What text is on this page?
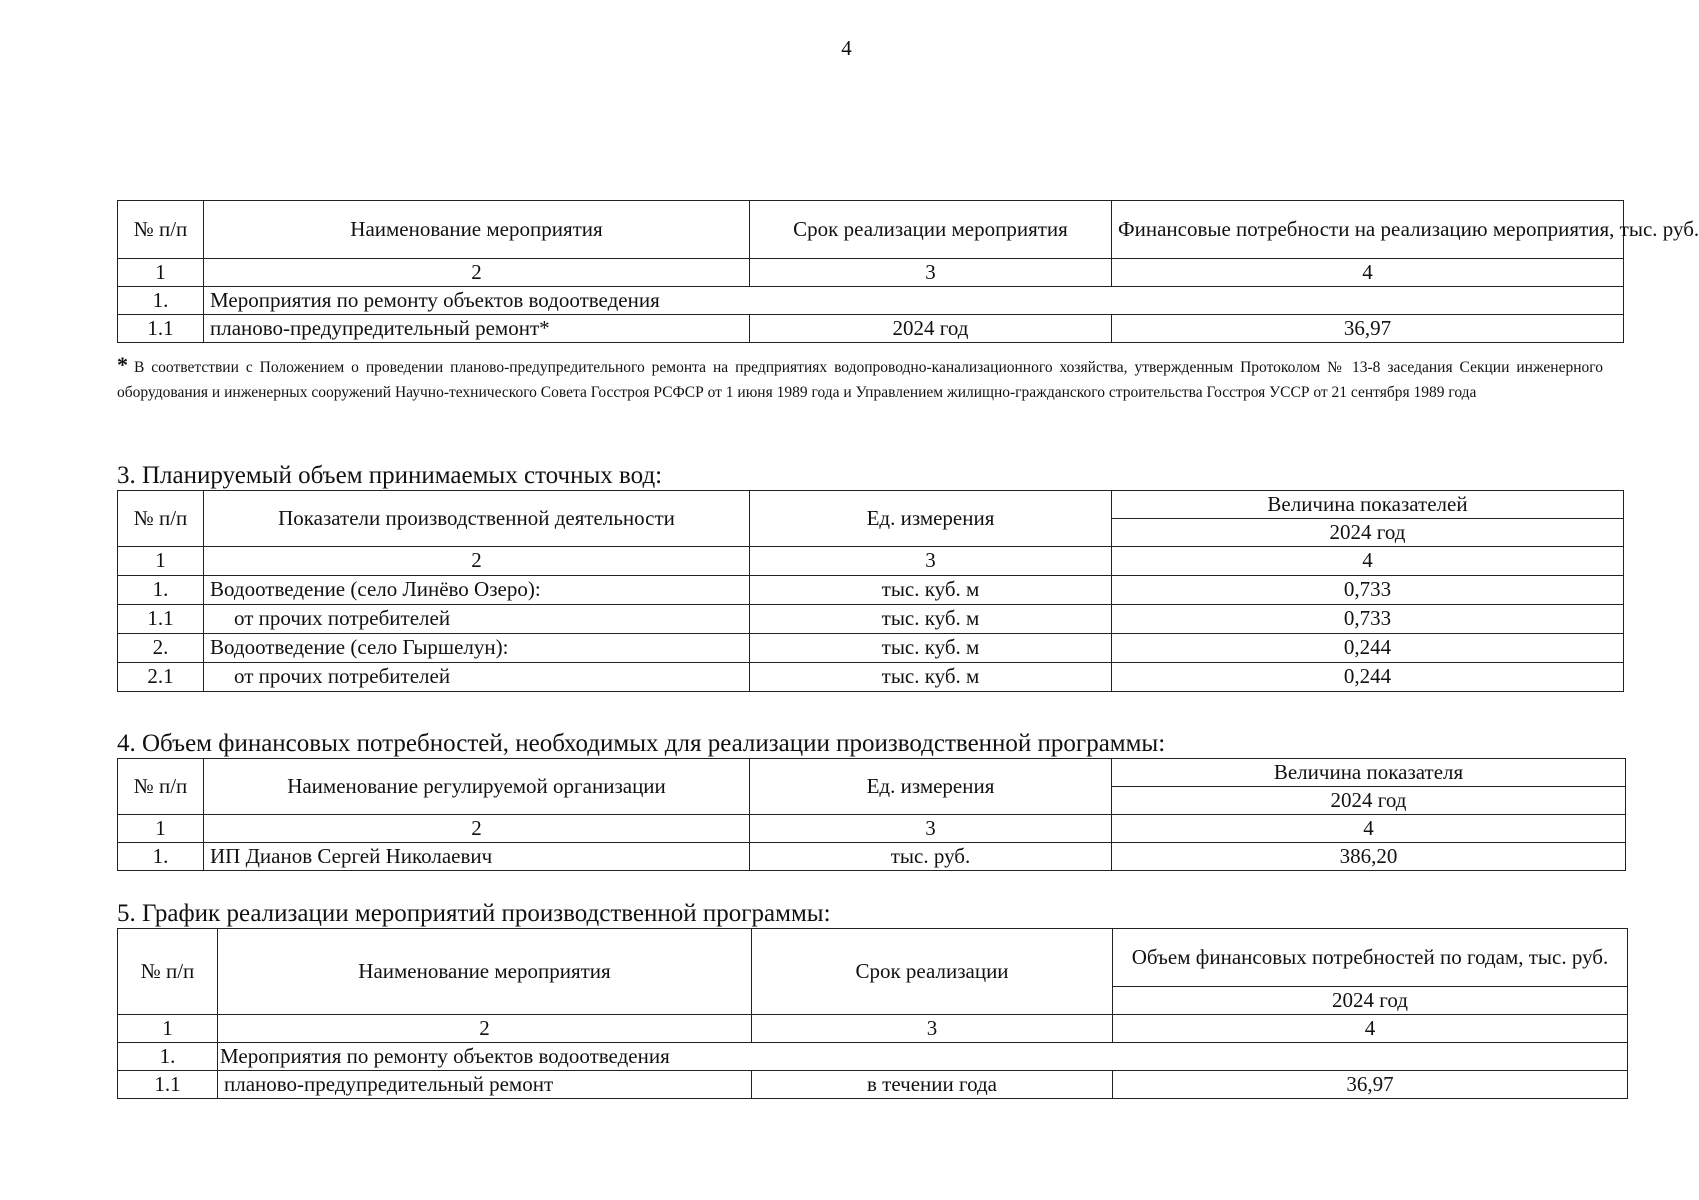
4
№ п/п	Наименование мероприятия	Срок реализации мероприятия	Финансовые потребности на реализацию мероприятия, тыс. руб.
1	2	3	4
1.	Мероприятия по ремонту объектов водоотведения		
1.1	планово-предупредительный ремонт*	2024 год	36,97
* В соответствии с Положением о проведении планово-предупредительного ремонта на предприятиях водопроводно-канализационного хозяйства, утвержденным Протоколом № 13-8 заседания Секции инженерного оборудования и инженерных сооружений Научно-технического Совета Госстроя РСФСР от 1 июня 1989 года и Управлением жилищно-гражданского строительства Госстроя УССР от 21 сентября 1989 года
3. Планируемый объем принимаемых сточных вод:
№ п/п	Показатели производственной деятельности	Ед. измерения	Величина показателей
			2024 год
1	2	3	4
1.	Водоотведение (село Линёво Озеро):	тыс. куб. м	0,733
1.1	от прочих потребителей	тыс. куб. м	0,733
2.	Водоотведение (село Гыршелун):	тыс. куб. м	0,244
2.1	от прочих потребителей	тыс. куб. м	0,244
4. Объем финансовых потребностей, необходимых для реализации производственной программы:
№ п/п	Наименование регулируемой организации	Ед. измерения	Величина показателя
			2024 год
1	2	3	4
1.	ИП Дианов Сергей Николаевич	тыс. руб.	386,20
5. График реализации мероприятий производственной программы:
№ п/п	Наименование мероприятия	Срок реализации	Объем финансовых потребностей по годам, тыс. руб.
			2024 год
1	2	3	4
1.	Мероприятия по ремонту объектов водоотведения		
1.1	планово-предупредительный ремонт	в течении года	36,97
